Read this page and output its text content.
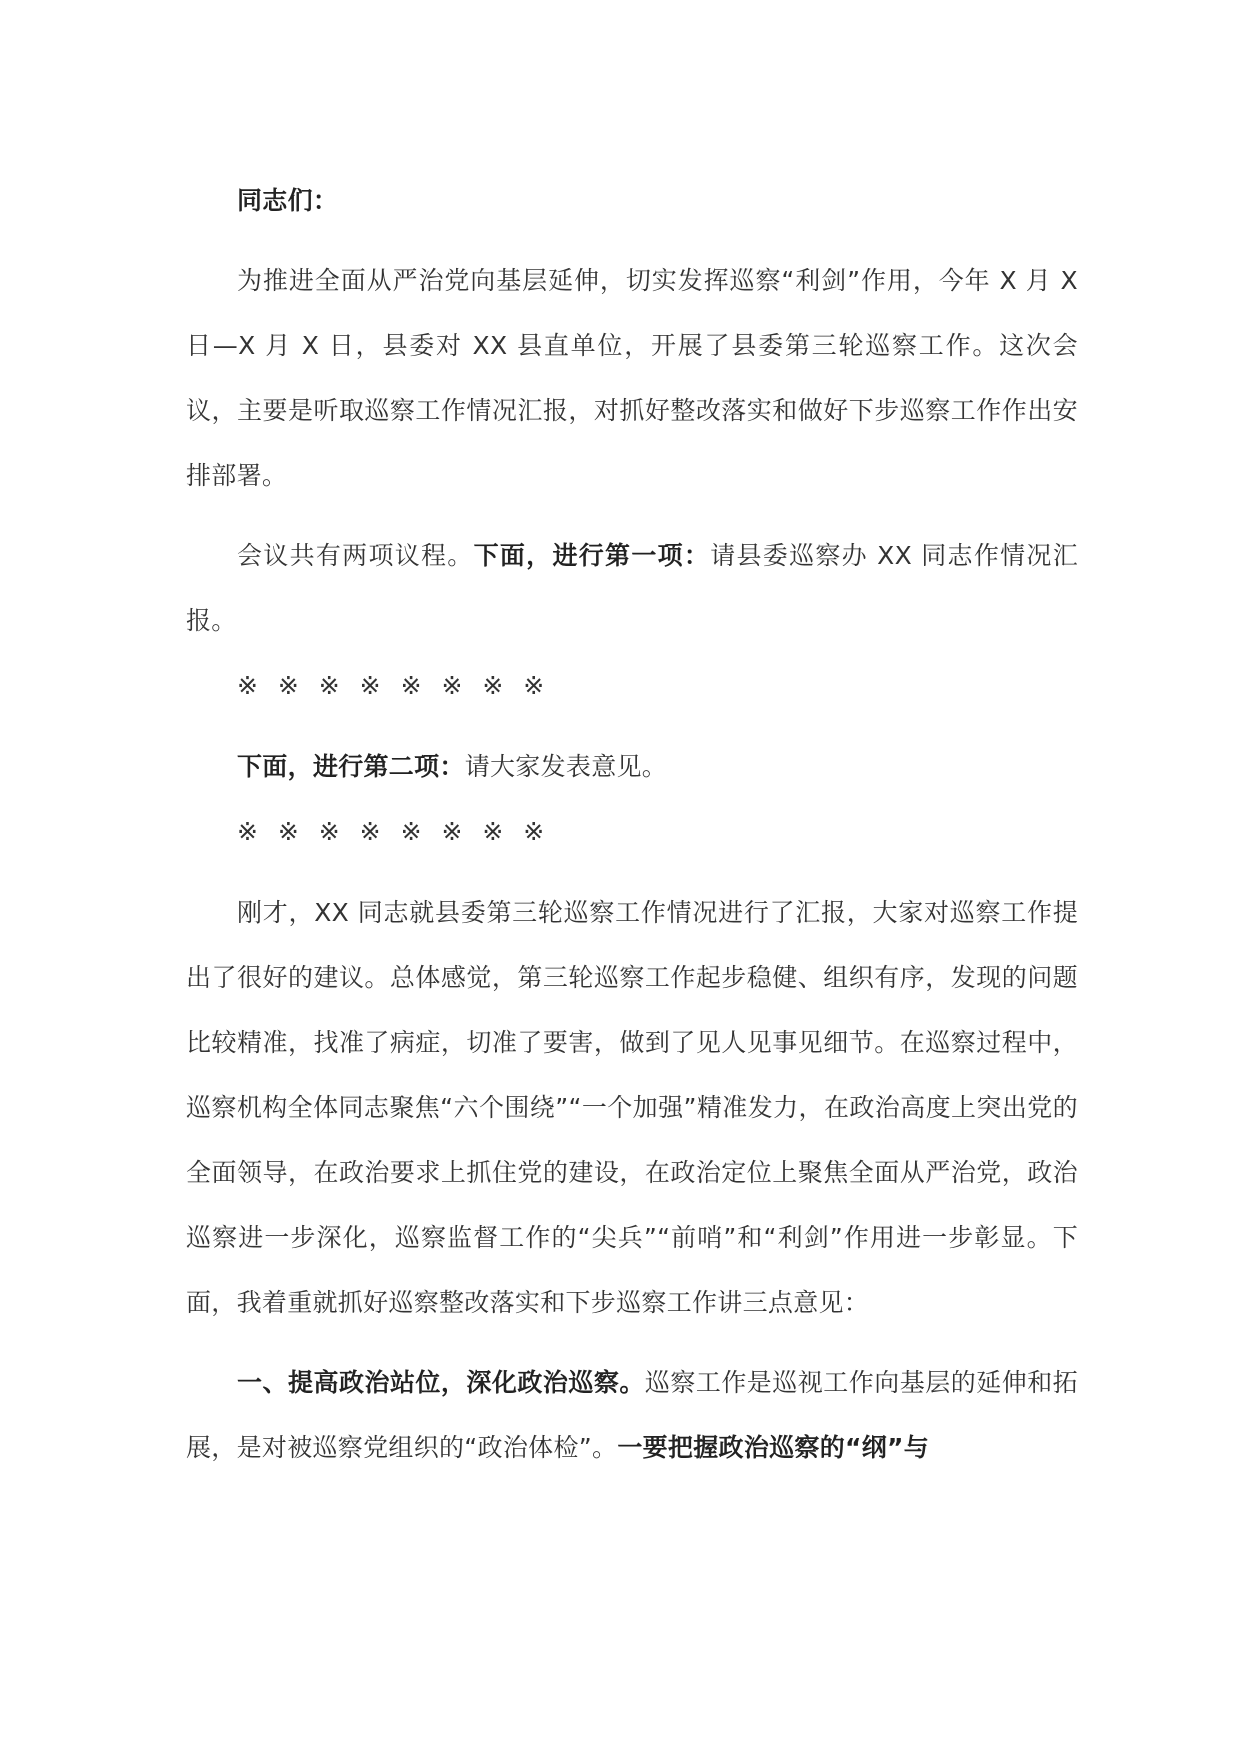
同志们：

为推进全面从严治党向基层延伸，切实发挥巡察“利剑”作用，今年 X 月 X 日—X 月 X 日，县委对 XX 县直单位，开展了县委第三轮巡察工作。这次会议，主要是听取巡察工作情况汇报，对抓好整改落实和做好下步巡察工作作出安排部署。

会议共有两项议程。下面，进行第一项：请县委巡察办 XX 同志作情况汇报。

※ ※ ※ ※ ※ ※ ※ ※

下面，进行第二项：请大家发表意见。

※ ※ ※ ※ ※ ※ ※ ※

刚才，XX 同志就县委第三轮巡察工作情况进行了汇报，大家对巡察工作提出了很好的建议。总体感觉，第三轮巡察工作起步稳健、组织有序，发现的问题比较精准，找准了病症，切准了要害，做到了见人见事见细节。在巡察过程中，巡察机构全体同志聚焦“六个围绕”“一个加强”精准发力，在政治高度上突出党的全面领导，在政治要求上抓住党的建设，在政治定位上聚焦全面从严治党，政治巡察进一步深化，巡察监督工作的“尖兵”“前哨”和“利剑”作用进一步彰显。下面，我着重就抓好巡察整改落实和下步巡察工作讲三点意见：

一、提高政治站位，深化政治巡察。巡察工作是巡视工作向基层的延伸和拓展，是对被巡察党组织的“政治体检”。一要把握政治巡察的“纲”与
